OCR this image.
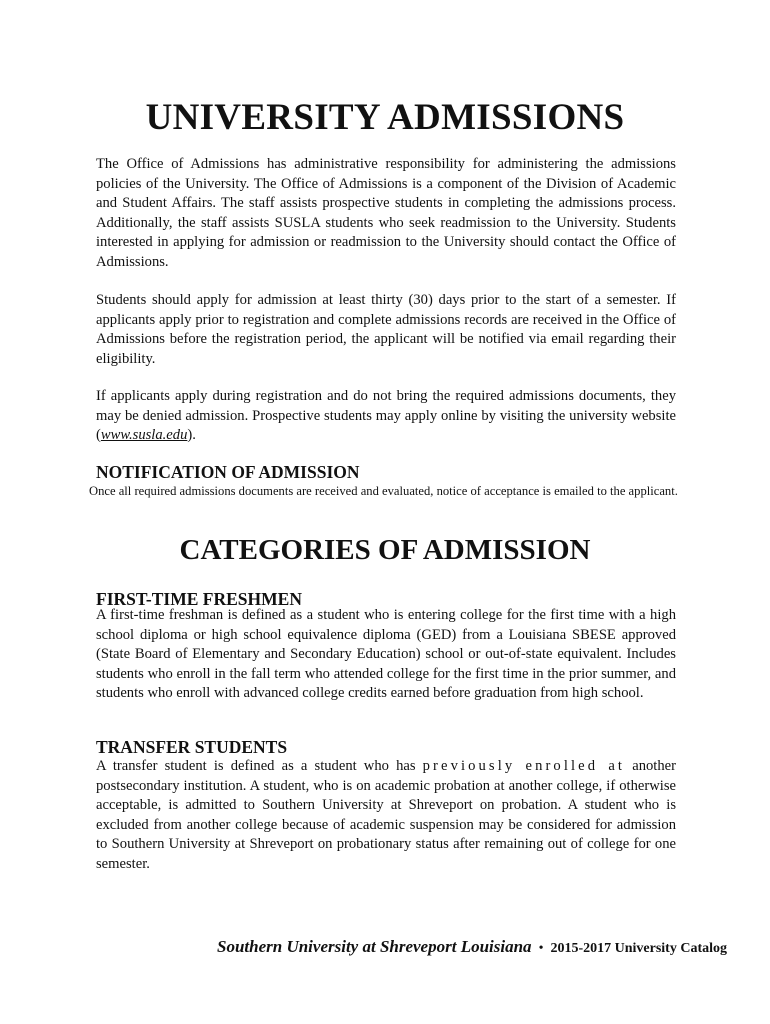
UNIVERSITY ADMISSIONS

The Office of Admissions has administrative responsibility for administering the admissions policies of the University. The Office of Admissions is a component of the Division of Academic and Student Affairs. The staff assists prospective students in completing the admissions process. Additionally, the staff assists SUSLA students who seek readmission to the University. Students interested in applying for admission or readmission to the University should contact the Office of Admissions.

Students should apply for admission at least thirty (30) days prior to the start of a semester. If applicants apply prior to registration and complete admissions records are received in the Office of Admissions before the registration period, the applicant will be notified via email regarding their eligibility.

If applicants apply during registration and do not bring the required admissions documents, they may be denied admission. Prospective students may apply online by visiting the university website (www.susla.edu).

NOTIFICATION OF ADMISSION

Once all required admissions documents are received and evaluated, notice of acceptance is emailed to the applicant.

CATEGORIES OF ADMISSION
FIRST-TIME FRESHMEN

A first-time freshman is defined as a student who is entering college for the first time with a high school diploma or high school equivalence diploma (GED) from a Louisiana SBESE approved (State Board of Elementary and Secondary Education) school or out-of-state equivalent. Includes students who enroll in the fall term who attended college for the first time in the prior summer, and students who enroll with advanced college credits earned before graduation from high school.

TRANSFER STUDENTS

A transfer student is defined as a student who has previously enrolled at another postsecondary institution. A student, who is on academic probation at another college, if otherwise acceptable, is admitted to Southern University at Shreveport on probation. A student who is excluded from another college because of academic suspension may be considered for admission to Southern University at Shreveport on probationary status after remaining out of college for one semester.

Southern University at Shreveport Louisiana • 2015-2017 University Catalog
